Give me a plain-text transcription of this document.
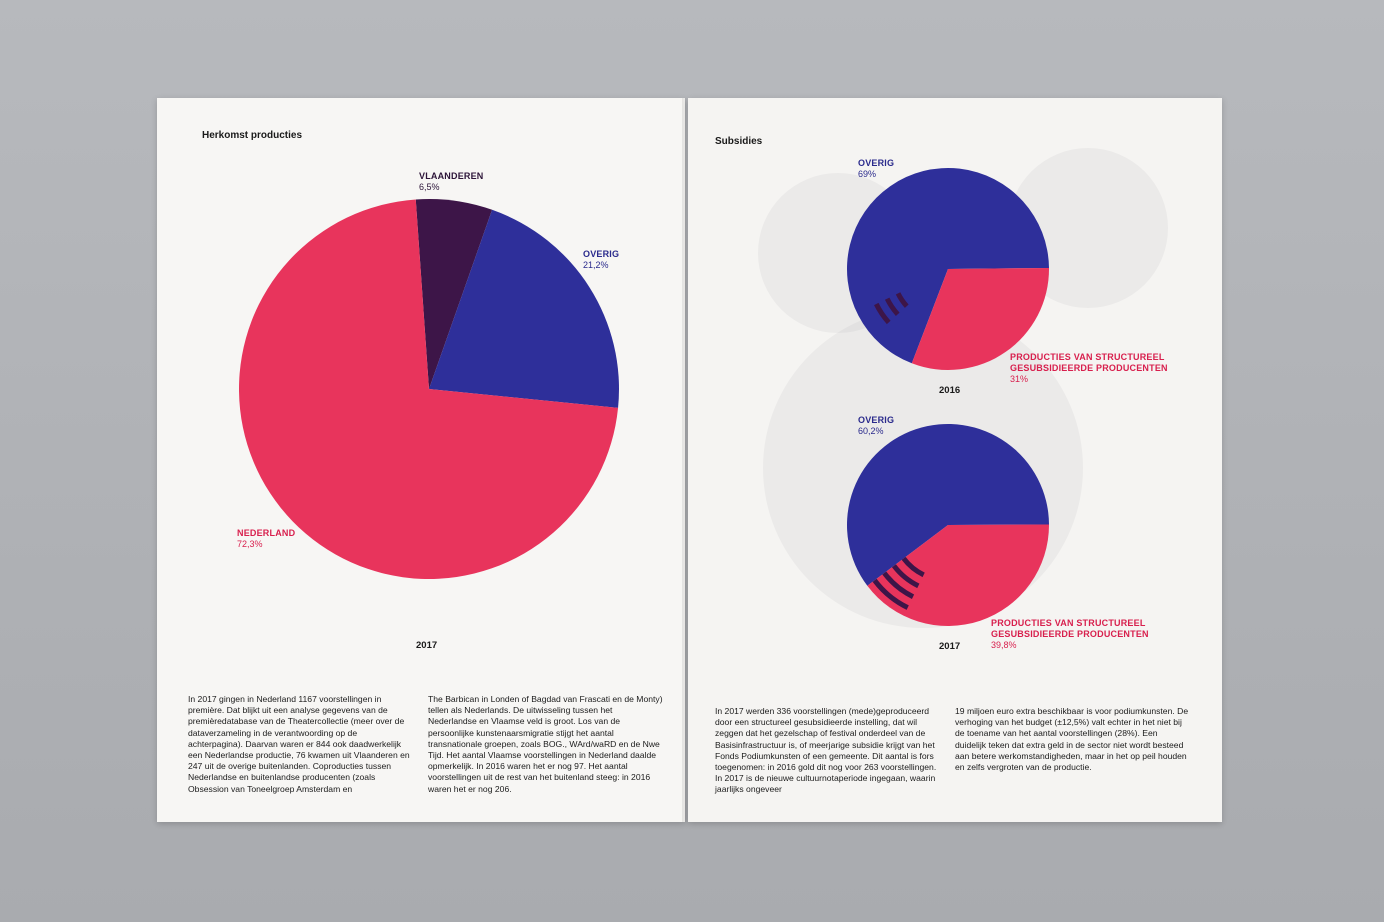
Herkomst producties
VLAANDEREN
6,5%
OVERIG
21,2%
NEDERLAND
72,3%
2017
In 2017 gingen in Nederland 1167 voorstellingen in première. Dat blijkt uit een analyse gegevens van de premièredatabase van de Theatercollectie (meer over de dataverzameling in de verantwoording op de achterpagina). Daarvan waren er 844 ook daadwerkelijk een Nederlandse productie, 76 kwamen uit Vlaanderen en 247 uit de overige buitenlanden. Coproducties tussen Nederlandse en buitenlandse producenten (zoals Obsession van Toneelgroep Amsterdam en
The Barbican in Londen of Bagdad van Frascati en de Monty) tellen als Nederlands. De uitwisseling tussen het Nederlandse en Vlaamse veld is groot. Los van de persoonlijke kunstenaarsmigratie stijgt het aantal transnationale groepen, zoals BOG., WArd/waRD en de Nwe Tijd. Het aantal Vlaamse voorstellingen in Nederland daalde opmerkelijk. In 2016 waren het er nog 97. Het aantal voorstellingen uit de rest van het buitenland steeg: in 2016 waren het er nog 206.
Subsidies
OVERIG
69%
PRODUCTIES VAN STRUCTUREEL GESUBSIDIEERDE PRODUCENTEN
31%
2016
OVERIG
60,2%
PRODUCTIES VAN STRUCTUREEL GESUBSIDIEERDE PRODUCENTEN
39,8%
2017
In 2017 werden 336 voorstellingen (mede)geproduceerd door een structureel gesubsidieerde instelling, dat wil zeggen dat het gezelschap of festival onderdeel van de Basisinfrastructuur is, of meerjarige subsidie krijgt van het Fonds Podiumkunsten of een gemeente. Dit aantal is fors toegenomen: in 2016 gold dit nog voor 263 voorstellingen. In 2017 is de nieuwe cultuurnotaperiode ingegaan, waarin jaarlijks ongeveer
19 miljoen euro extra beschikbaar is voor podiumkunsten. De verhoging van het budget (±12,5%) valt echter in het niet bij de toename van het aantal voorstellingen (28%). Een duidelijk teken dat extra geld in de sector niet wordt besteed aan betere werkomstandigheden, maar in het op peil houden en zelfs vergroten van de productie.
